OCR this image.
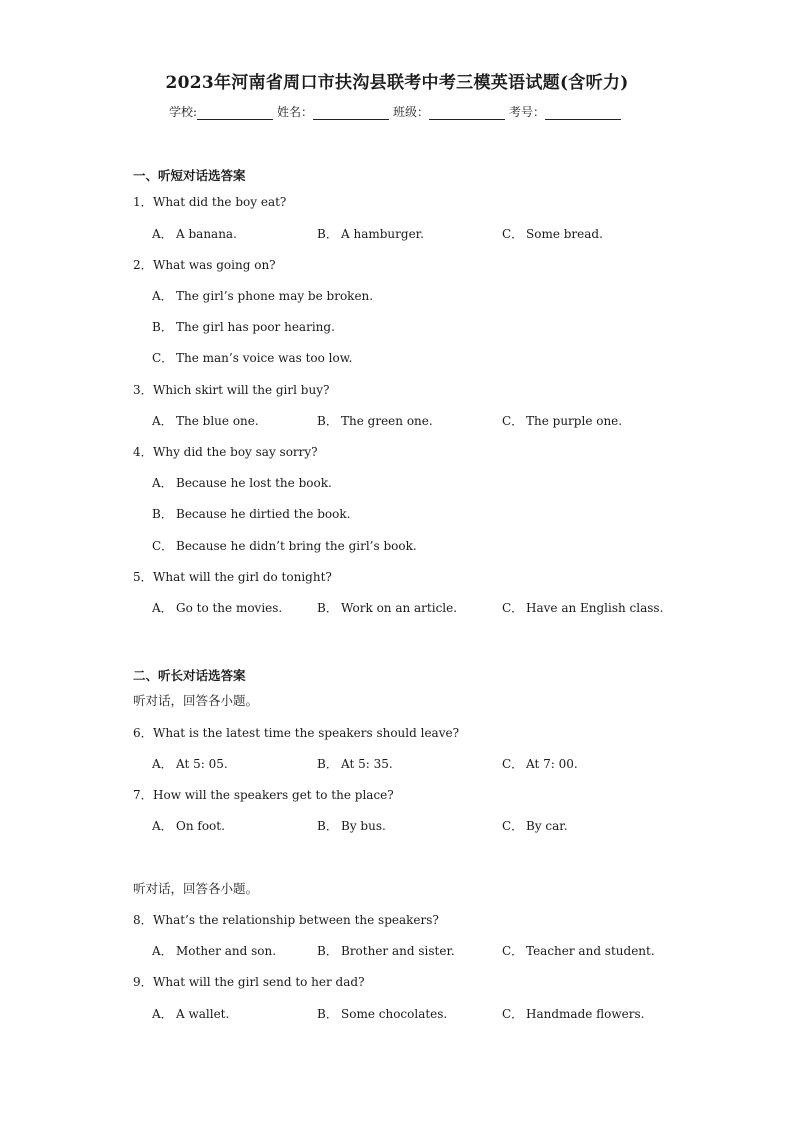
2023年河南省周口市扶沟县联考中考三模英语试题(含听力)
学校:	姓名：	班级：	考号：
一、听短对话选答案
1．What did the boy eat?
A． A banana.	B． A hamburger.	C． Some bread.
2．What was going on?
A． The girl’s phone may be broken.
B． The girl has poor hearing.
C． The man’s voice was too low.
3．Which skirt will the girl buy?
A． The blue one.	B． The green one.	C． The purple one.
4．Why did the boy say sorry?
A． Because he lost the book.
B． Because he dirtied the book.
C． Because he didn’t bring the girl’s book.
5．What will the girl do tonight?
A． Go to the movies.	B． Work on an article.	C． Have an English class.
二、听长对话选答案
听对话，回答各小题。
6．What is the latest time the speakers should leave?
A． At 5: 05.	B． At 5: 35.	C． At 7: 00.
7．How will the speakers get to the place?
A． On foot.	B． By bus.	C． By car.
听对话，回答各小题。
8．What’s the relationship between the speakers?
A． Mother and son.	B． Brother and sister.	C． Teacher and student.
9．What will the girl send to her dad?
A． A wallet.	B． Some chocolates.	C． Handmade flowers.
